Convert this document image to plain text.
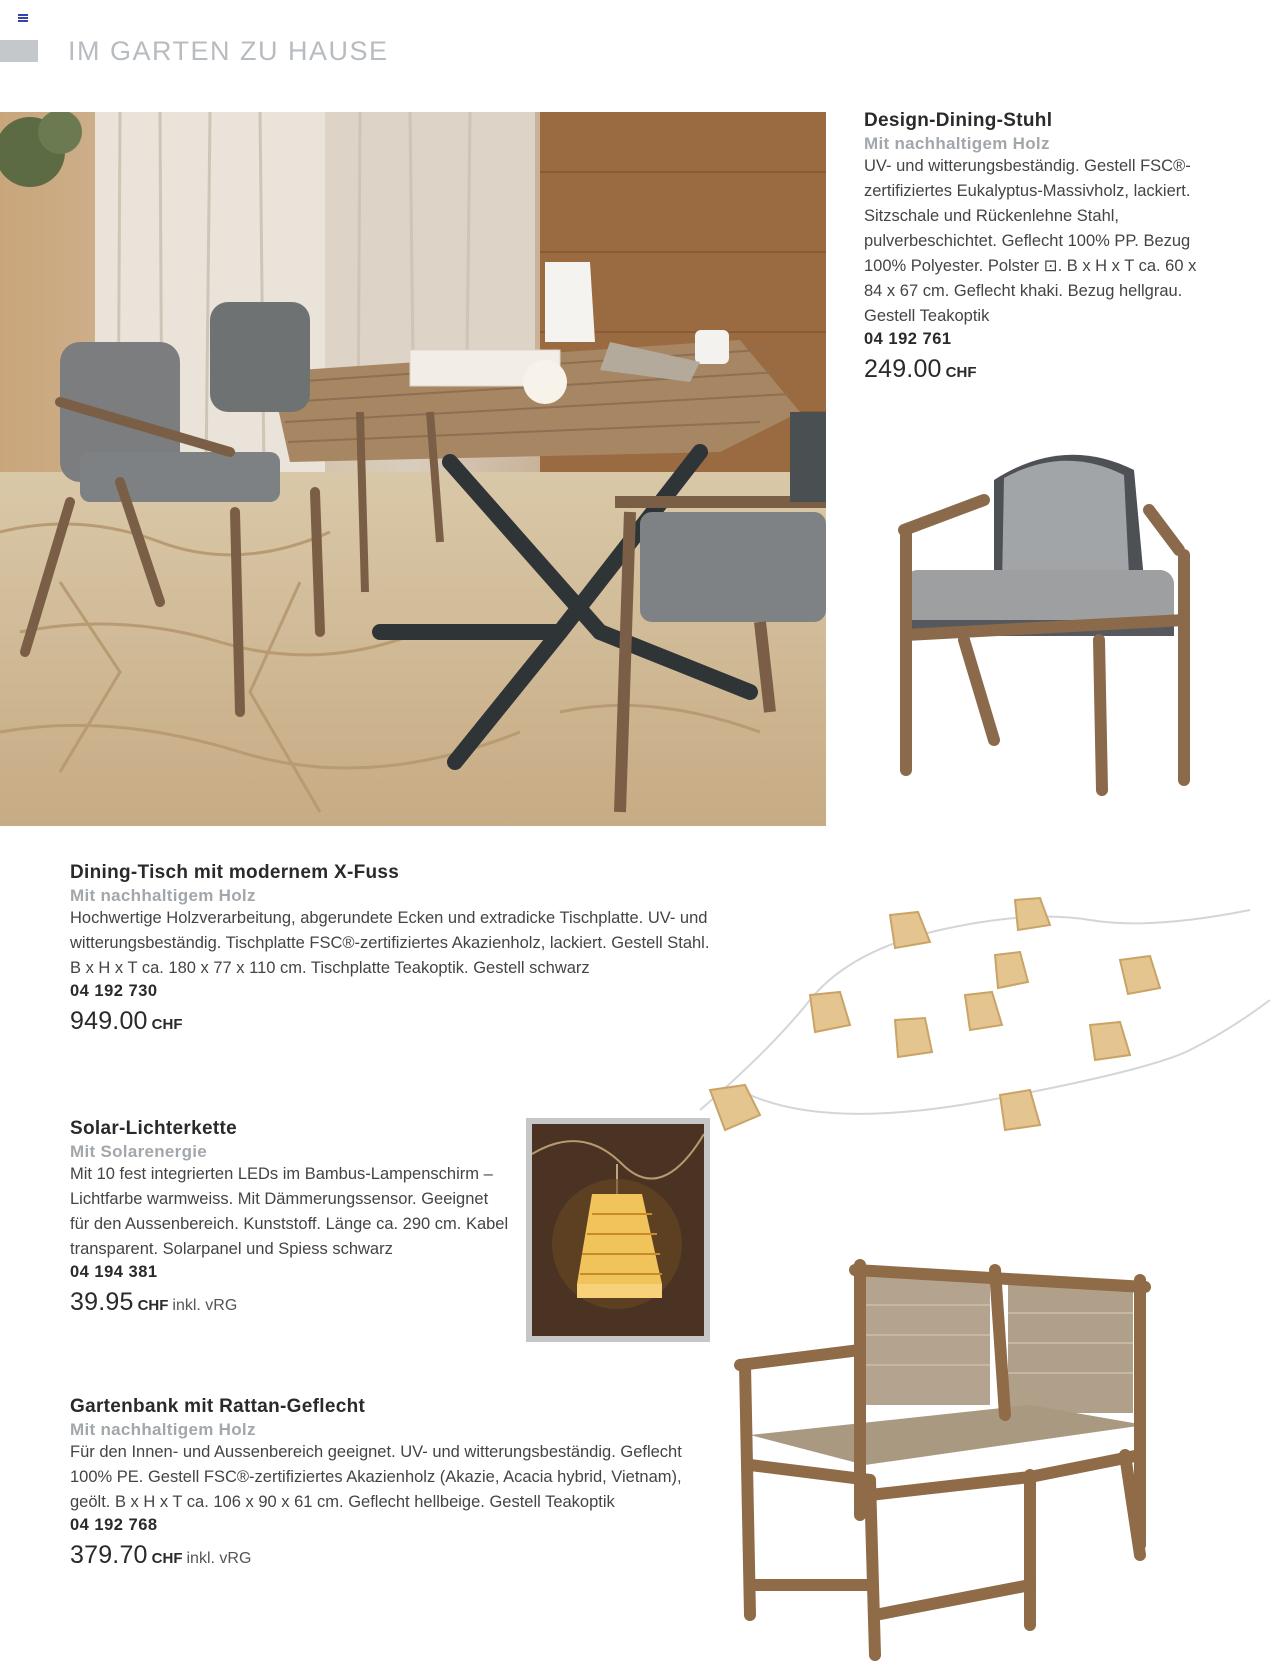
IM GARTEN ZU HAUSE

Design-Dining-Stuhl

Mit nachhaltigem Holz

UV- und witterungsbeständig. Gestell FSC®-zertifiziertes Eukalyptus-Massivholz, lackiert. Sitzschale und Rückenlehne Stahl, pulverbeschichtet. Geflecht 100% PP. Bezug 100% Polyester. Polster ⊡. B x H x T ca. 60 x 84 x 67 cm. Geflecht khaki. Bezug hellgrau. Gestell Teakoptik

04 192 761
249.00 CHF

Dining-Tisch mit modernem X-Fuss

Mit nachhaltigem Holz

Hochwertige Holzverarbeitung, abgerundete Ecken und extradicke Tischplatte. UV- und witterungsbeständig. Tischplatte FSC®-zertifiziertes Akazienholz, lackiert. Gestell Stahl. B x H x T ca. 180 x 77 x 110 cm. Tischplatte Teakoptik. Gestell schwarz

04 192 730
949.00 CHF

Solar-Lichterkette

Mit Solarenergie

Mit 10 fest integrierten LEDs im Bambus-Lampenschirm – Lichtfarbe warmweiss. Mit Dämmerungssensor. Geeignet für den Aussenbereich. Kunststoff. Länge ca. 290 cm. Kabel transparent. Solarpanel und Spiess schwarz

04 194 381
39.95 CHF inkl. vRG

Gartenbank mit Rattan-Geflecht

Mit nachhaltigem Holz

Für den Innen- und Aussenbereich geeignet. UV- und witterungsbeständig. Geflecht 100% PE. Gestell FSC®-zertifiziertes Akazienholz (Akazie, Acacia hybrid, Vietnam), geölt. B x H x T ca. 106 x 90 x 61 cm. Geflecht hellbeige. Gestell Teakoptik

04 192 768
379.70 CHF inkl. vRG
